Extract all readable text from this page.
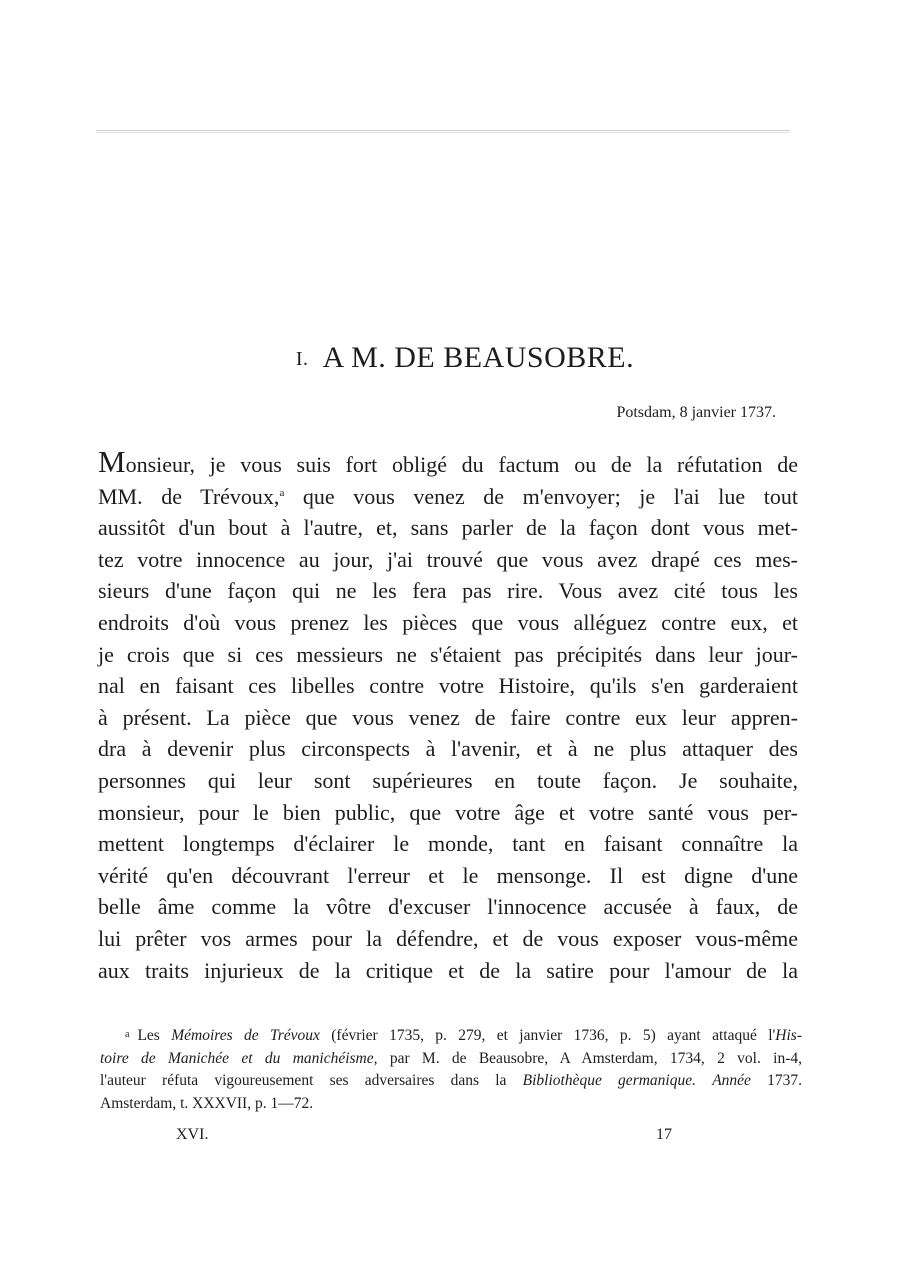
I. A M. DE BEAUSOBRE.
Potsdam, 8 janvier 1737.
Monsieur, je vous suis fort obligé du factum ou de la réfutation de
MM. de Trévoux,$^a$ que vous venez de m'envoyer; je l'ai lue tout
aussitôt d'un bout à l'autre, et, sans parler de la façon dont vous met-
tez votre innocence au jour, j'ai trouvé que vous avez drapé ces mes-
sieurs d'une façon qui ne les fera pas rire. Vous avez cité tous les
endroits d'où vous prenez les pièces que vous alléguez contre eux, et
je crois que si ces messieurs ne s'étaient pas précipités dans leur jour-
nal en faisant ces libelles contre votre Histoire, qu'ils s'en garderaient
à présent. La pièce que vous venez de faire contre eux leur appren-
dra à devenir plus circonspects à l'avenir, et à ne plus attaquer des
personnes qui leur sont supérieures en toute façon. Je souhaite,
monsieur, pour le bien public, que votre âge et votre santé vous per-
mettent longtemps d'éclairer le monde, tant en faisant connaître la
vérité qu'en découvrant l'erreur et le mensonge. Il est digne d'une
belle âme comme la vôtre d'excuser l'innocence accusée à faux, de
lui prêter vos armes pour la défendre, et de vous exposer vous-même
aux traits injurieux de la critique et de la satire pour l'amour de la
a Les Mémoires de Trévoux (février 1735, p. 279, et janvier 1736, p. 5) ayant attaqué l'His-
toire de Manichée et du manichéisme, par M. de Beausobre, A Amsterdam, 1734, 2 vol. in-4,
l'auteur réfuta vigoureusement ses adversaires dans la Bibliothèque germanique. Année 1737.
Amsterdam, t. XXXVII, p. 1—72.
XVI.	17
